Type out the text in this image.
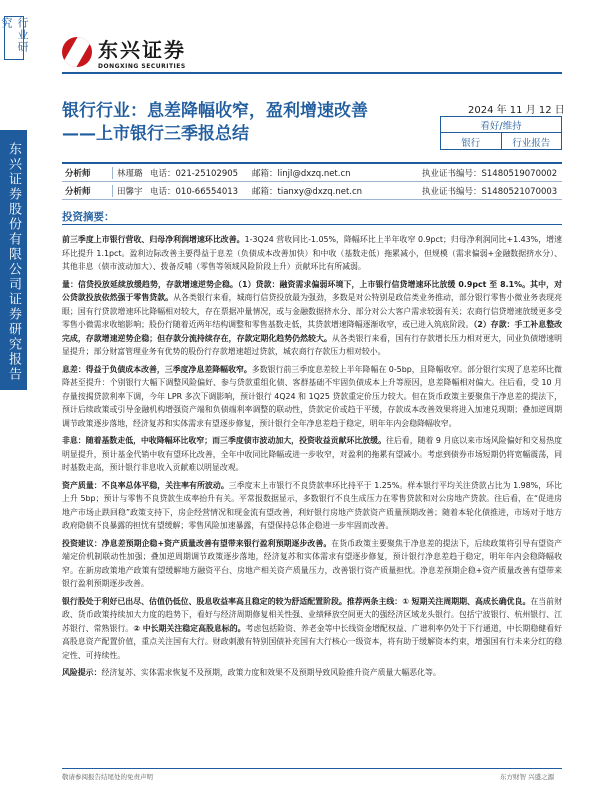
行业研究
东兴证券股份有限公司证券研究报告
东兴证券
DONGXING SECURITIES
银行行业：息差降幅收窄，盈利增速改善
——上市银行三季报总结
2024 年 11 月 12 日
看好/维持
银行	行业报告
分析师	林瑾璐 电话：021-25102905	邮箱：linjl@dxzq.net.cn	执业证书编号：S1480519070002
分析师	田馨宇 电话：010-66554013	邮箱：tianxy@dxzq.net.cn	执业证书编号：S1480521070003
投资摘要：

前三季度上市银行营收、归母净利润增速环比改善。1-3Q24 营收同比-1.05%，降幅环比上半年收窄 0.9pct；归母净利润同比+1.43%，增速环比提升 1.1pct。盈利边际改善主要得益于息差（负债成本改善加快）和中收（基数走低）拖累减小，但规模（需求偏弱+金融数据挤水分）、其他非息（债市波动加大）、拨备反哺（零售等领域风险阶段上升）贡献环比有所减弱。

量：信贷投放延续放缓趋势，存款增速逆势企稳。（1）贷款：融资需求偏弱环境下，上市银行信贷增速环比放缓 0.9pct 至 8.1%。其中，对公贷款投放依然强于零售贷款。从各类银行来看，城商行信贷投放最为强劲，多数是对公特别是政信类业务推动，部分银行零售小微业务表现亮眼；国有行贷款增速环比降幅相对较大，存在票据冲量情况，或与金融数据挤水分、部分对公大客户需求较弱有关；农商行信贷增速放缓更多受零售小微需求收缩影响；股份行随着近两年结构调整和零售基数走低，其贷款增速降幅逐渐收窄，或已进入筑底阶段。（2）存款：手工补息整改完成，存款增速逆势企稳；但存款分流持续存在，存款定期化趋势仍然较大。从各类银行来看，国有行存款增长压力相对更大，同业负债增速明显提升；部分财富管理业务有优势的股份行存款增速超过贷款，城农商行存款压力相对较小。

息差：得益于负债成本改善，三季度净息差降幅收窄。多数银行前三季度息差较上半年降幅在 0-5bp，且降幅收窄。部分银行实现了息差环比微降甚至提升：个别银行大幅下调整风险偏好、参与贷款重组化债、客群基础不牢固负债成本上升等原因，息差降幅相对偏大。往后看，受 10 月存量按揭贷款利率下调，今年 LPR 多次下调影响，预计银行 4Q24 和 1Q25 贷款重定价压力较大。但在货币政策主要聚焦于净息差的提法下，预计后续政策或引导金融机构增强资产端和负债端利率调整的联动性，贷款定价或趋于平缓，存款成本改善效果将进入加速兑现期；叠加逆周期调节政策逐步落地，经济复苏和实体需求有望逐步修复，预计银行全年净息差趋于稳定，明年年内会稳降幅收窄。

非息：随着基数走低，中收降幅环比收窄；而三季度债市波动加大，投资收益贡献环比放缓。往后看，随着 9 月底以来市场风险偏好和交易热度明显提升，预计基金代销中收有望环比改善，全年中收同比降幅或进一步收窄，对盈利的拖累有望减小。考虑到债券市场短期仍将宽幅震荡，同时基数走高，预计银行非息收入贡献难以明显改观。

资产质量：不良率总体平稳，关注率有所波动。三季度末上市银行不良贷款率环比持平于 1.25%。样本银行平均关注贷款占比为 1.98%，环比上升 5bp；预计与零售不良贷款生成率抬升有关。平常报数据显示，多数银行不良生成压力在零售贷款和对公房地产贷款。往后看，在“促进房地产市场止跌回稳”政策支持下，房企经营情况和现金流有望改善，利好银行房地产贷款资产质量预期改善；随着本轮化债推进，市场对于地方政府隐债不良暴露的担忧有望缓解；零售风险加速暴露，有望保持总体企稳进一步牢固而改善。

投资建议：净息差预期企稳+资产质量改善有望带来银行盈利预期逐步改善。在货币政策主要聚焦于净息差的提法下，后续政策将引导有望资产端定价机制联动性加强；叠加逆周期调节政策逐步落地，经济复苏和实体需求有望逐步修复，预计银行净息差趋于稳定，明年年内会稳降幅收窄。在新房政策地产政策有望缓解地方融资平台、房地产相关资产质量压力，改善银行资产质量担忧。净息差预期企稳+资产质量改善有望带来银行盈利预期逐步改善。

银行股处于利好已出尽、估值仍低位、股息收益率高且稳定的较为舒适配置阶段。推荐两条主线：① 短期关注周期期、高成长确优良。在当前财政、货币政策持续加大力度的趋势下，看好与经济周期修复相关性强、业绩释放空间更大的强经济区域龙头银行。包括宁波银行、杭州银行、江苏银行、常熟银行。② 中长期关注稳定高股息标的。考虑包括险资、养老金等中长线资金增配权益、广谱利率仍处于下行通道，中长期稳健看好高股息资产配置价值，重点关注国有大行。财政刺激有特别国债补充国有大行核心一级资本，将有助于缓解资本约束，增强国有行未来分红的稳定性、可持续性。

风险提示：经济复苏、实体需求恢复不及预期，政策力度和效果不及预期导致风险推升资产质量大幅恶化等。

敬请参阅报告结尾处的免责声明	东方财智 兴盛之源
